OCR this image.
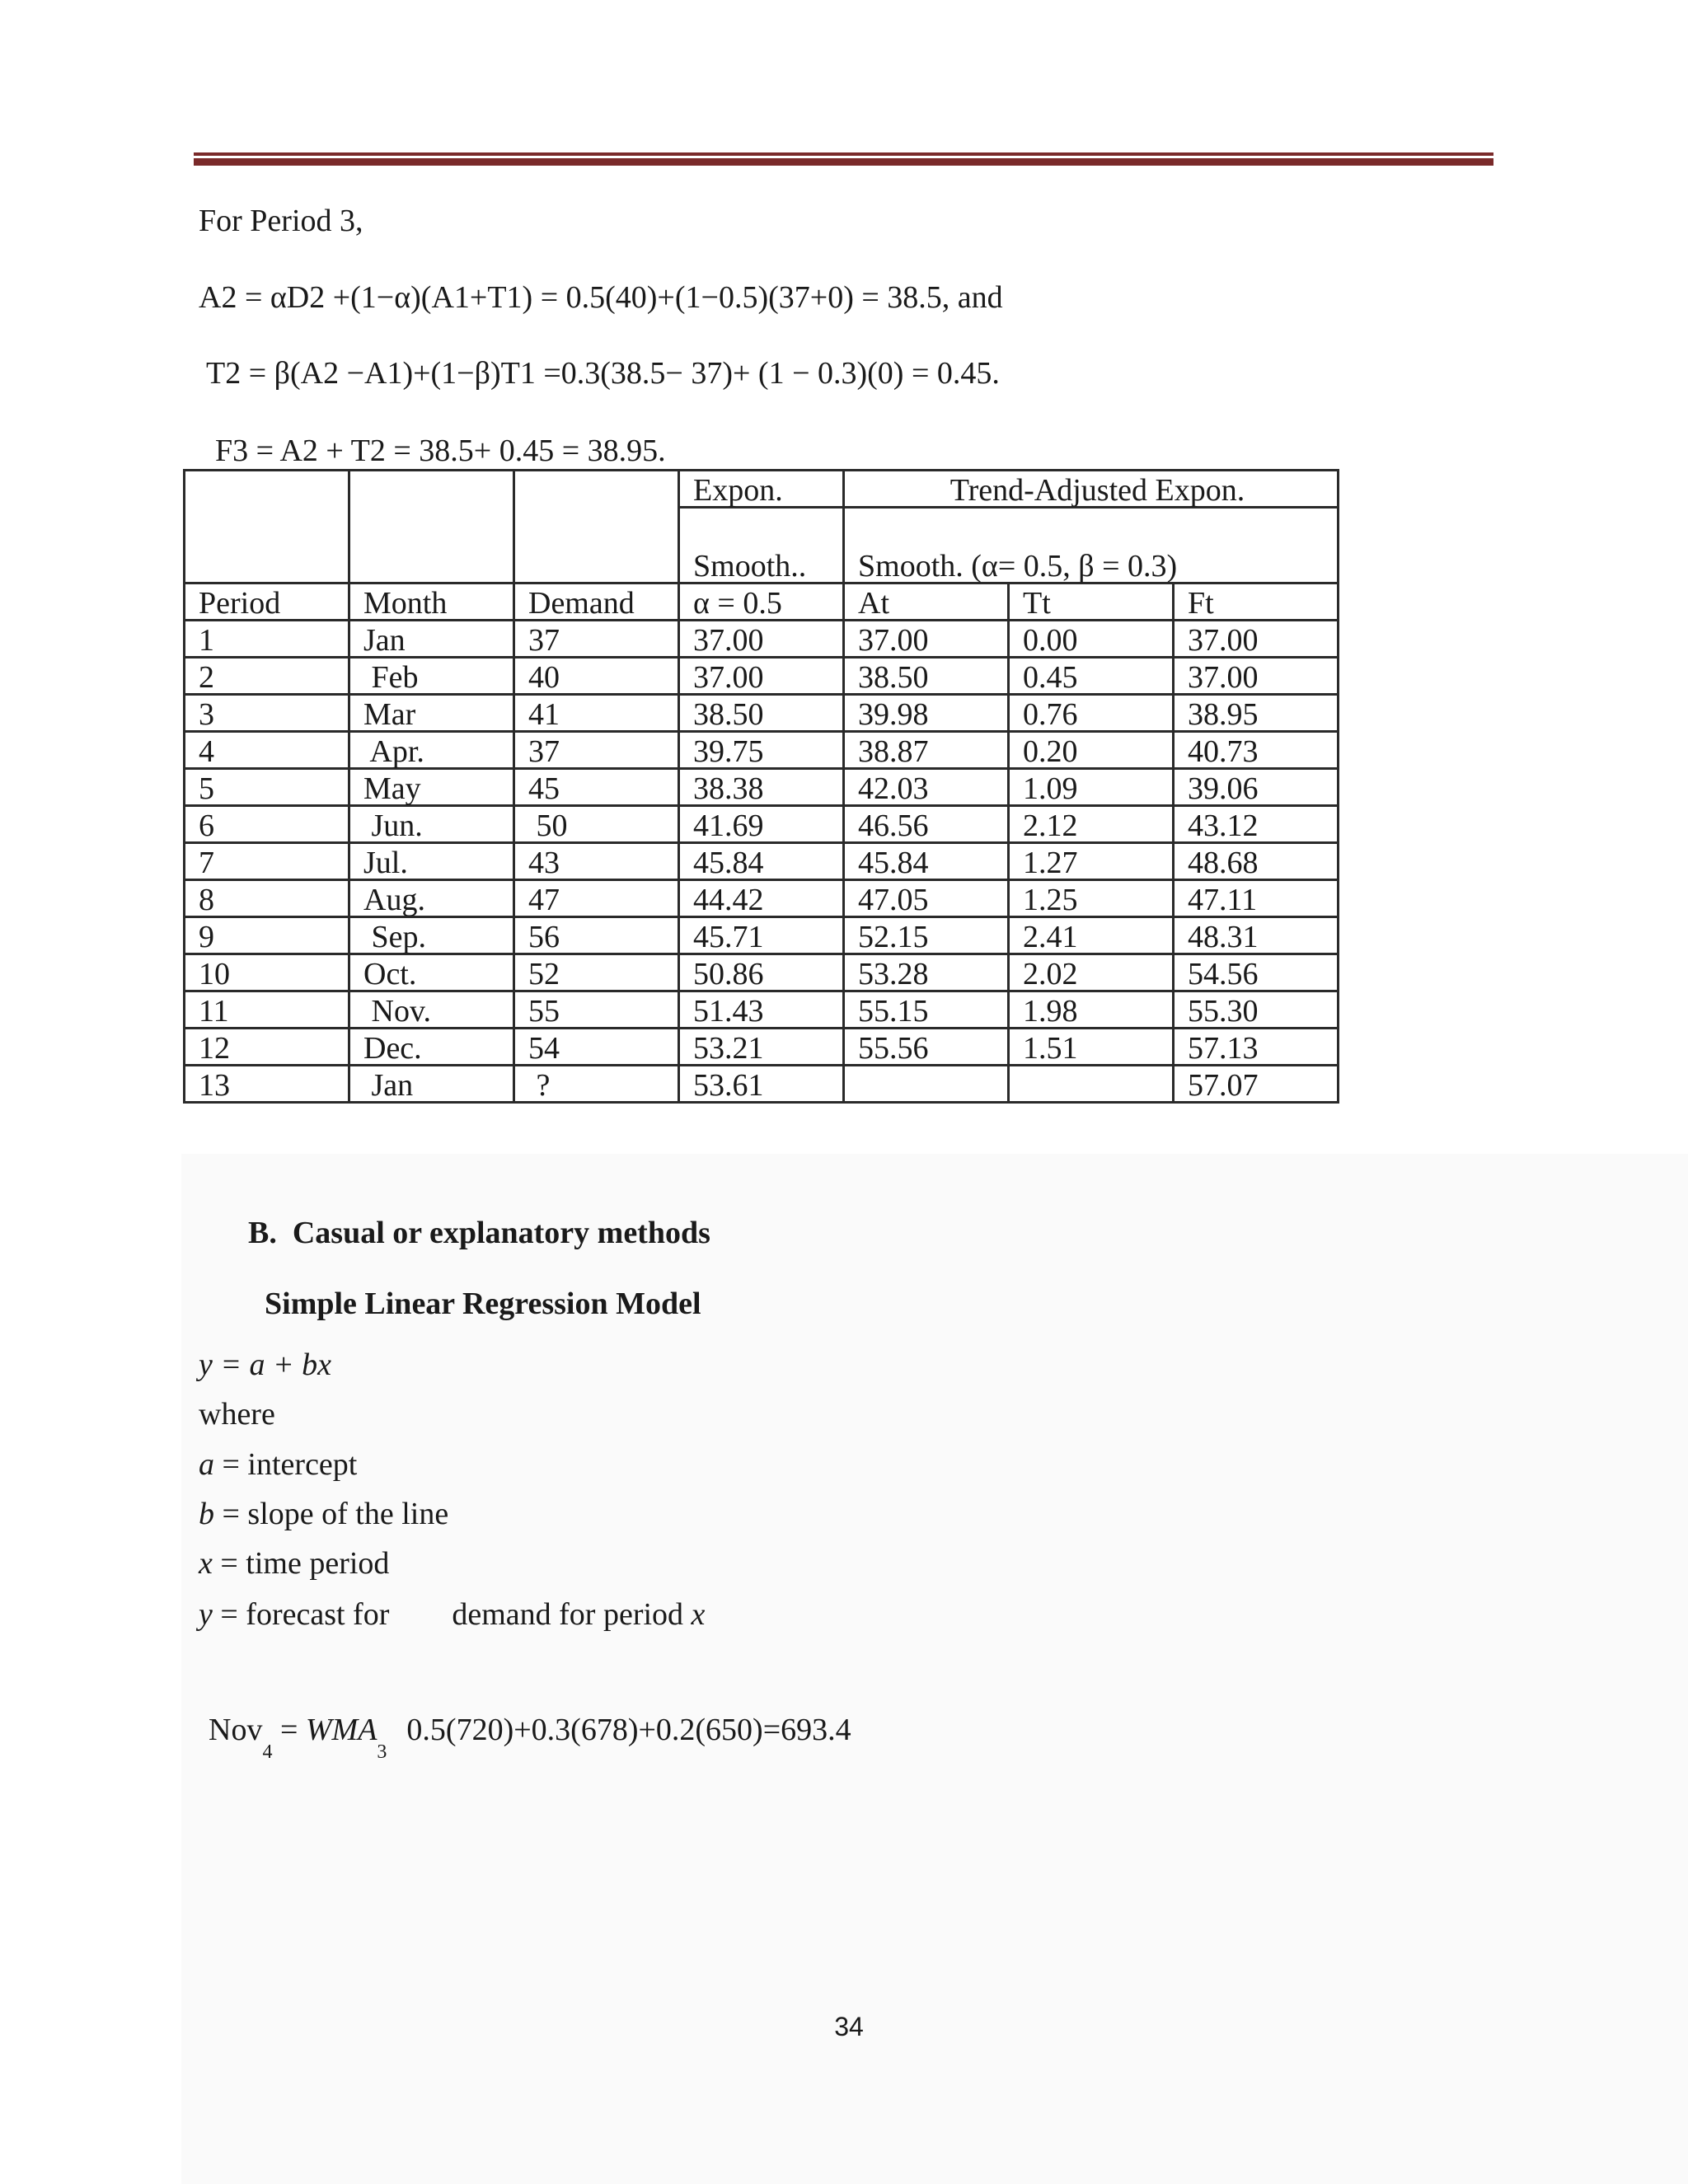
For Period 3,
A2 = αD2 +(1−α)(A1+T1) = 0.5(40)+(1−0.5)(37+0) = 38.5, and
T2 = β(A2 −A1)+(1−β)T1 =0.3(38.5− 37)+ (1 − 0.3)(0) = 0.45.
F3 = A2 + T2 = 38.5+ 0.45 = 38.95.
			Expon.	Trend-Adjusted Expon.		
			Smooth..	Smooth. (α= 0.5, β = 0.3)		
Period	Month	Demand	α = 0.5	At	Tt	Ft
1	Jan	37	37.00	37.00	0.00	37.00
2	Feb	40	37.00	38.50	0.45	37.00
3	Mar	41	38.50	39.98	0.76	38.95
4	Apr.	37	39.75	38.87	0.20	40.73
5	May	45	38.38	42.03	1.09	39.06
6	Jun.	50	41.69	46.56	2.12	43.12
7	Jul.	43	45.84	45.84	1.27	48.68
8	Aug.	47	44.42	47.05	1.25	47.11
9	Sep.	56	45.71	52.15	2.41	48.31
10	Oct.	52	50.86	53.28	2.02	54.56
11	Nov.	55	51.43	55.15	1.98	55.30
12	Dec.	54	53.21	55.56	1.51	57.13
13	Jan	?	53.61			57.07
B.  Casual or explanatory methods
Simple Linear Regression Model
y = a + bx
where
a = intercept
b = slope of the line
x = time period
y = forecast for        demand for period x
$Nov_4 = WMA_30.5(720)+0.3(678)+0.2(650)=693.4$
34
